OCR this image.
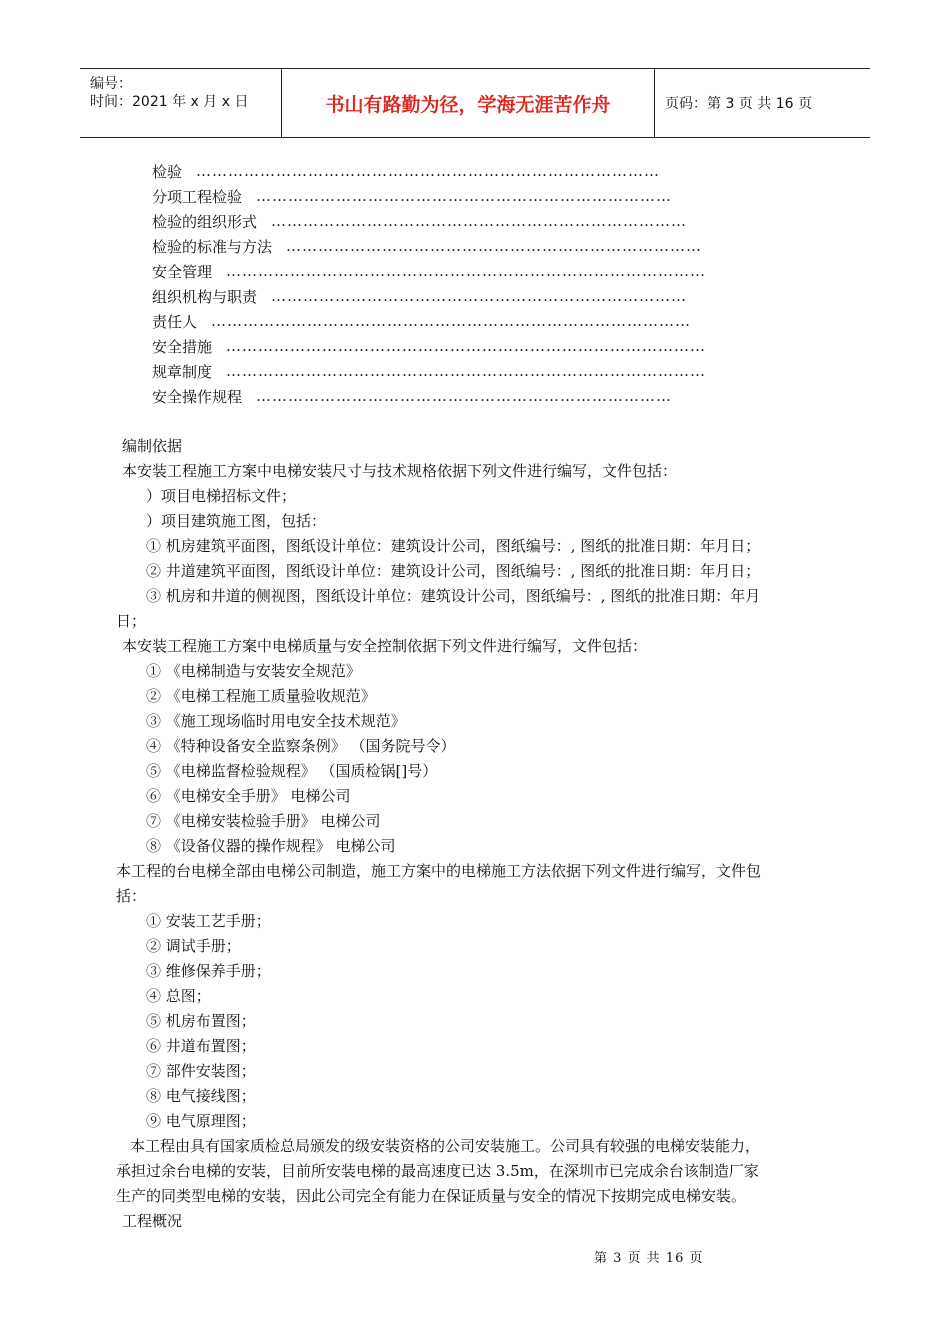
编号：
时间：2021 年 x 月 x 日	书山有路勤为径，学海无涯苦作舟	页码：第 3 页 共 16 页
检验 ……………………………………………………………………………
分项工程检验 ……………………………………………………………………
检验的组织形式 ……………………………………………………………………
检验的标准与方法 ……………………………………………………………………
安全管理 ………………………………………………………………………………
组织机构与职责 ……………………………………………………………………
责任人 ………………………………………………………………………………
安全措施 ………………………………………………………………………………
规章制度 ………………………………………………………………………………
安全操作规程 ……………………………………………………………………
编制依据
本安装工程施工方案中电梯安装尺寸与技术规格依据下列文件进行编写，文件包括：
）项目电梯招标文件；
）项目建筑施工图，包括：
① 机房建筑平面图，图纸设计单位：建筑设计公司，图纸编号：, 图纸的批准日期：年月日；
② 井道建筑平面图，图纸设计单位：建筑设计公司，图纸编号：, 图纸的批准日期：年月日；
③ 机房和井道的侧视图，图纸设计单位：建筑设计公司，图纸编号：, 图纸的批准日期：年月
日；
本安装工程施工方案中电梯质量与安全控制依据下列文件进行编写，文件包括：
① 《电梯制造与安装安全规范》
② 《电梯工程施工质量验收规范》
③ 《施工现场临时用电安全技术规范》
④ 《特种设备安全监察条例》 （国务院号令）
⑤ 《电梯监督检验规程》 （国质检锅[]号）
⑥ 《电梯安全手册》 电梯公司
⑦ 《电梯安装检验手册》 电梯公司
⑧ 《设备仪器的操作规程》 电梯公司
本工程的台电梯全部由电梯公司制造，施工方案中的电梯施工方法依据下列文件进行编写，文件包
括：
① 安装工艺手册；
② 调试手册；
③ 维修保养手册；
④ 总图；
⑤ 机房布置图；
⑥ 井道布置图；
⑦ 部件安装图；
⑧ 电气接线图；
⑨ 电气原理图；
本工程由具有国家质检总局颁发的级安装资格的公司安装施工。公司具有较强的电梯安装能力，
承担过余台电梯的安装，目前所安装电梯的最高速度已达 3.5m，在深圳市已完成余台该制造厂家
生产的同类型电梯的安装，因此公司完全有能力在保证质量与安全的情况下按期完成电梯安装。
工程概况
第 3 页 共 16 页
